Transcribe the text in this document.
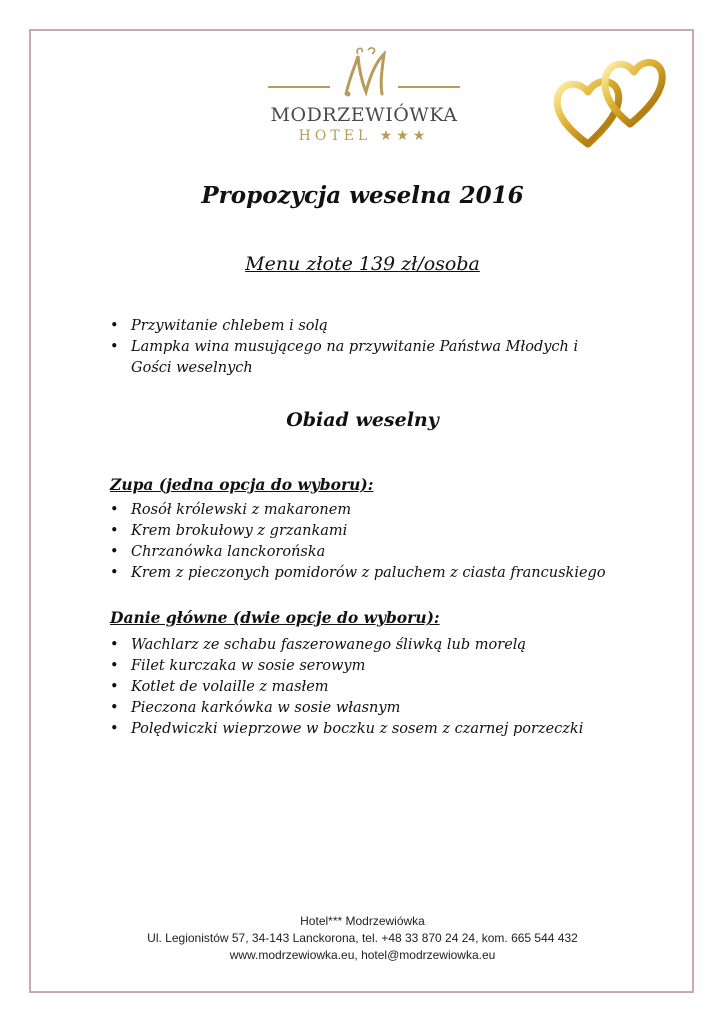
MODRZEWIÓWKA
HOTEL ★★★
Propozycja weselna 2016
Menu złote 139 zł/osoba
• Przywitanie chlebem i solą
• Lampka wina musującego na przywitanie Państwa Młodych i Gości weselnych
Obiad weselny
Zupa (jedna opcja do wyboru):
• Rosół królewski z makaronem
• Krem brokułowy z grzankami
• Chrzanówka lanckorońska
• Krem z pieczonych pomidorów z paluchem z ciasta francuskiego
Danie główne (dwie opcje do wyboru):
• Wachlarz ze schabu faszerowanego śliwką lub morelą
• Filet kurczaka w sosie serowym
• Kotlet de volaille z masłem
• Pieczona karkówka w sosie własnym
• Polędwiczki wieprzowe w boczku z sosem z czarnej porzeczki
Hotel*** Modrzewiówka
Ul. Legionistów 57, 34-143 Lanckorona, tel. +48 33 870 24 24, kom. 665 544 432
www.modrzewiowka.eu, hotel@modrzewiowka.eu
